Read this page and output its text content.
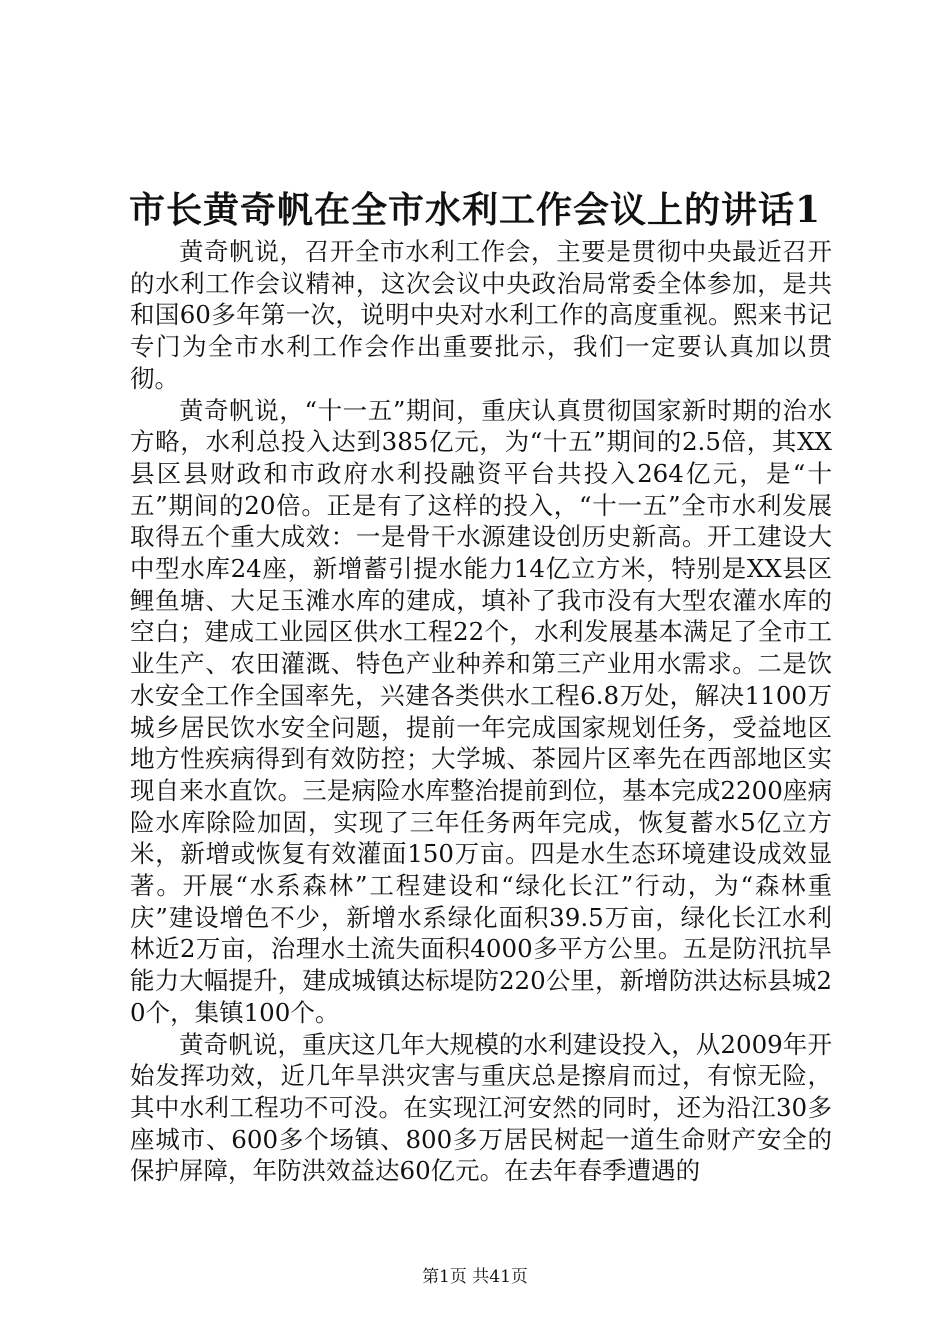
市长黄奇帆在全市水利工作会议上的讲话1

黄奇帆说，召开全市水利工作会，主要是贯彻中央最近召开的水利工作会议精神，这次会议中央政治局常委全体参加，是共和国60多年第一次，说明中央对水利工作的高度重视。熙来书记专门为全市水利工作会作出重要批示，我们一定要认真加以贯彻。

黄奇帆说，“十一五”期间，重庆认真贯彻国家新时期的治水方略，水利总投入达到385亿元，为“十五”期间的2.5倍，其XX县区县财政和市政府水利投融资平台共投入264亿元，是“十五”期间的20倍。正是有了这样的投入，“十一五”全市水利发展取得五个重大成效：一是骨干水源建设创历史新高。开工建设大中型水库24座，新增蓄引提水能力14亿立方米，特别是XX县区鲤鱼塘、大足玉滩水库的建成，填补了我市没有大型农灌水库的空白；建成工业园区供水工程22个，水利发展基本满足了全市工业生产、农田灌溉、特色产业种养和第三产业用水需求。二是饮水安全工作全国率先，兴建各类供水工程6.8万处，解决1100万城乡居民饮水安全问题，提前一年完成国家规划任务，受益地区地方性疾病得到有效防控；大学城、茶园片区率先在西部地区实现自来水直饮。三是病险水库整治提前到位，基本完成2200座病险水库除险加固，实现了三年任务两年完成，恢复蓄水5亿立方米，新增或恢复有效灌面150万亩。四是水生态环境建设成效显著。开展“水系森林”工程建设和“绿化长江”行动，为“森林重庆”建设增色不少，新增水系绿化面积39.5万亩，绿化长江水利林近2万亩，治理水土流失面积4000多平方公里。五是防汛抗旱能力大幅提升，建成城镇达标堤防220公里，新增防洪达标县城20个，集镇100个。

黄奇帆说，重庆这几年大规模的水利建设投入，从2009年开始发挥功效，近几年旱洪灾害与重庆总是擦肩而过，有惊无险，其中水利工程功不可没。在实现江河安然的同时，还为沿江30多座城市、600多个场镇、800多万居民树起一道生命财产安全的保护屏障，年防洪效益达60亿元。在去年春季遭遇的

第1页 共41页
